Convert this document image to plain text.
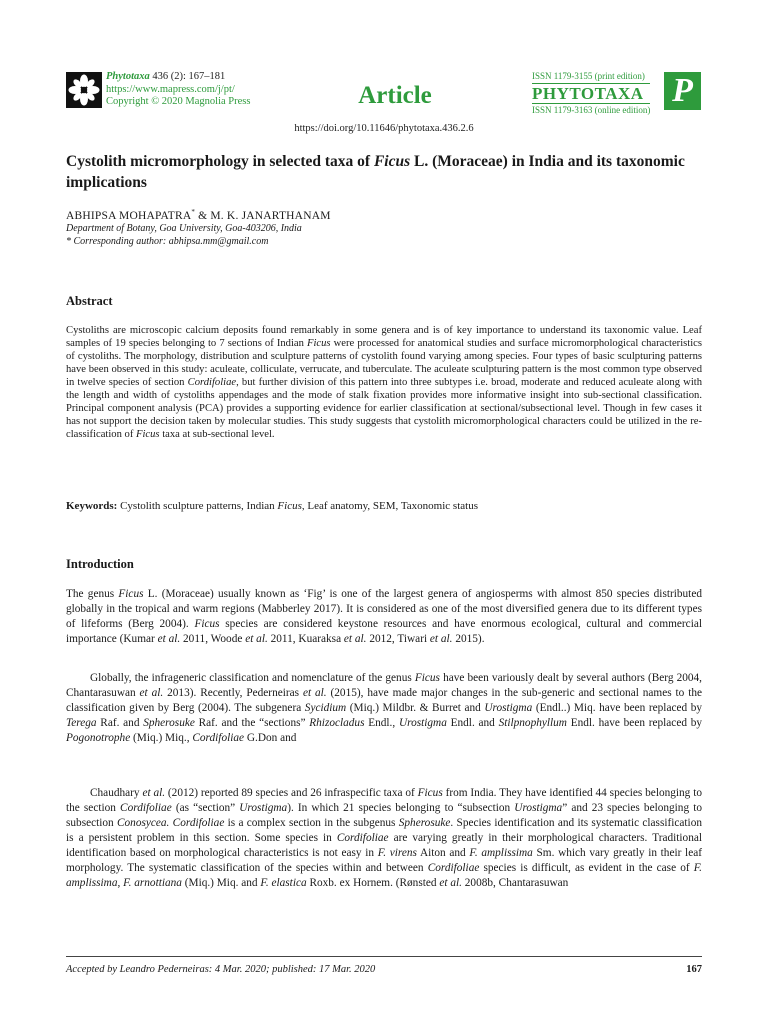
Phytotaxa 436 (2): 167–181
https://www.mapress.com/j/pt/
Copyright © 2020 Magnolia Press	Article
ISSN 1179-3155 (print edition)
PHYTOTAXA
ISSN 1179-3163 (online edition)
P
https://doi.org/10.11646/phytotaxa.436.2.6
Cystolith micromorphology in selected taxa of Ficus L. (Moraceae) in India and its taxonomic implications
ABHIPSA MOHAPATRA* & M. K. JANARTHANAM
Department of Botany, Goa University, Goa-403206, India
* Corresponding author: abhipsa.mm@gmail.com
Abstract
Cystoliths are microscopic calcium deposits found remarkably in some genera and is of key importance to understand its taxonomic value. Leaf samples of 19 species belonging to 7 sections of Indian Ficus were processed for anatomical studies and surface micromorphological characteristics of cystoliths. The morphology, distribution and sculpture patterns of cystolith found varying among species. Four types of basic sculpturing patterns have been observed in this study: aculeate, colliculate, verrucate, and tuberculate. The aculeate sculpturing pattern is the most common type observed in twelve species of section Cordifoliae, but further division of this pattern into three subtypes i.e. broad, moderate and reduced aculeate along with the length and width of cystoliths appendages and the mode of stalk fixation provides more informative insight into sub-sectional classification. Principal component analysis (PCA) provides a supporting evidence for earlier classification at sectional/subsectional level. Though in few cases it has not support the decision taken by molecular studies. This study suggests that cystolith micromorphological characters could be utilized in the re-classification of Ficus taxa at sub-sectional level.
Keywords: Cystolith sculpture patterns, Indian Ficus, Leaf anatomy, SEM, Taxonomic status
Introduction
The genus Ficus L. (Moraceae) usually known as ‘Fig’ is one of the largest genera of angiosperms with almost 850 species distributed globally in the tropical and warm regions (Mabberley 2017). It is considered as one of the most diversified genera due to its different types of lifeforms (Berg 2004). Ficus species are considered keystone resources and have enormous ecological, cultural and commercial importance (Kumar et al. 2011, Woode et al. 2011, Kuaraksa et al. 2012, Tiwari et al. 2015).
Globally, the infrageneric classification and nomenclature of the genus Ficus have been variously dealt by several authors (Berg 2004, Chantarasuwan et al. 2013). Recently, Pederneiras et al. (2015), have made major changes in the sub-generic and sectional names to the classification given by Berg (2004). The subgenera Sycidium (Miq.) Mildbr. & Burret and Urostigma (Endl..) Miq. have been replaced by Terega Raf. and Spherosuke Raf. and the “sections” Rhizocladus Endl., Urostigma Endl. and Stilpnophyllum Endl. have been replaced by Pogonotrophe (Miq.) Miq., Cordifoliae G.Don and
Chaudhary et al. (2012) reported 89 species and 26 infraspecific taxa of Ficus from India. They have identified 44 species belonging to the section Cordifoliae (as “section” Urostigma). In which 21 species belonging to “subsection Urostigma” and 23 species belonging to subsection Conosycea. Cordifoliae is a complex section in the subgenus Spherosuke. Species identification and its systematic classification is a persistent problem in this section. Some species in Cordifoliae are varying greatly in their morphological characters. Traditional identification based on morphological characteristics is not easy in F. virens Aiton and F. amplissima Sm. which vary greatly in their leaf morphology. The systematic classification of the species within and between Cordifoliae species is difficult, as evident in the case of F. amplissima, F. arnottiana (Miq.) Miq. and F. elastica Roxb. ex Hornem. (Rønsted et al. 2008b, Chantarasuwan
Accepted by Leandro Pederneiras: 4 Mar. 2020; published: 17 Mar. 2020	167
